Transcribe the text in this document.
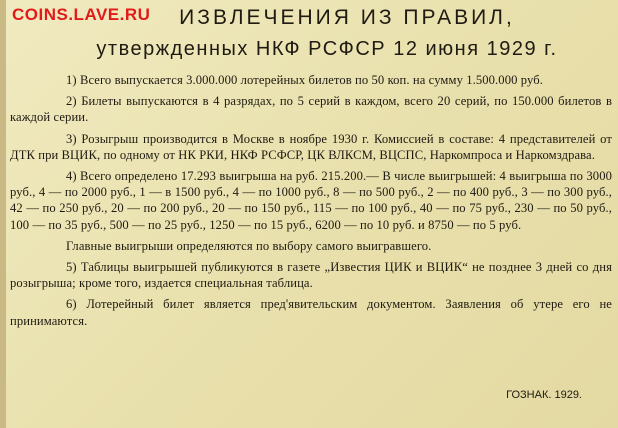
COINS.LAVE.RU	ИЗВЛЕЧЕНИЯ ИЗ ПРАВИЛ,
утвержденных НКФ РСФСР 12 июня 1929 г.

1) Всего выпускается 3.000.000 лотерейных билетов по 50 коп. на сумму 1.500.000 руб.

2) Билеты выпускаются в 4 разрядах, по 5 серий в каждом, всего 20 серий, по 150.000 билетов в каждой серии.

3) Розыгрыш производится в Москве в ноябре 1930 г. Комиссией в составе: 4 представителей от ДТК при ВЦИК, по одному от НК РКИ, НКФ РСФСР, ЦК ВЛКСМ, ВЦСПС, Наркомпроса и Наркомздрава.

4) Всего определено 17.293 выигрыша на руб. 215.200.— В числе выигрышей: 4 выигрыша по 3000 руб., 4 — по 2000 руб., 1 — в 1500 руб., 4 — по 1000 руб., 8 — по 500 руб., 2 — по 400 руб., 3 — по 300 руб., 42 — по 250 руб., 20 — по 200 руб., 20 — по 150 руб., 115 — по 100 руб., 40 — по 75 руб., 230 — по 50 руб., 100 — по 35 руб., 500 — по 25 руб., 1250 — по 15 руб., 6200 — по 10 руб. и 8750 — по 5 руб.

Главные выигрыши определяются по выбору самого выигравшего.

5) Таблицы выигрышей публикуются в газете „Известия ЦИК и ВЦИК“ не позднее 3 дней со дня розыгрыша; кроме того, издается специальная таблица.

6) Лотерейный билет является пред'явительским документом. Заявления об утере его не принимаются.

ГОЗНАК. 1929.
